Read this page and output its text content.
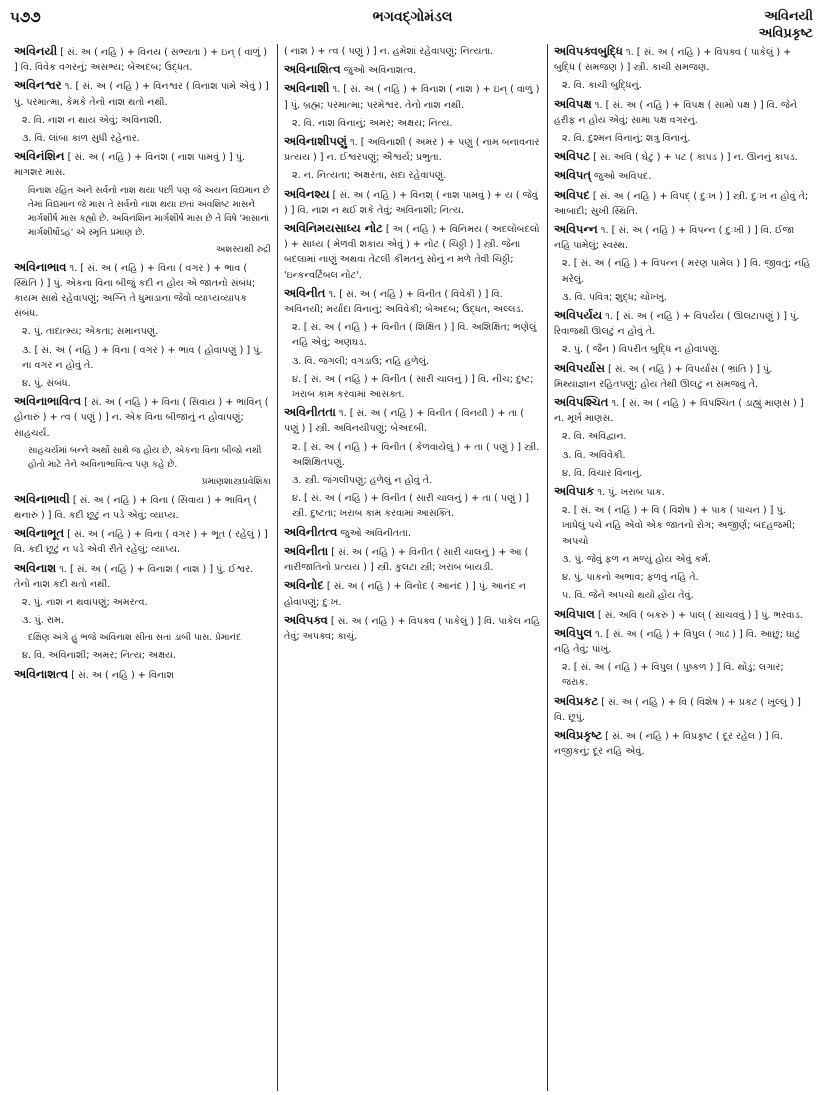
૫૭૭	ભગવદ્ગોમંડલ	અવિનયી
અવિપ્રકૃષ્ટ
અવિનયી [ સં. અ ( નહિ ) + વિનય ( સભ્યતા ) + ઇન્ ( વાળું ) ] વિ. વિવેક વગરનું; અસભ્ય; બેઅદબ; ઉદ્ધત.
અવિનશ્વર ૧. [ સં. અ ( નહિ ) + વિનશ્વર ( વિનાશ પામે એવું ) ] પું. પરમાત્મા, કેમકે તેનો નાશ થતો નથી.
૨. વિ. નાશ ન થાય એવું; અવિનાશી.
૩. વિ. લાંબા કાળ સુધી રહેનાર.
અવિનંશિન [ સં. અ ( નહિ ) + વિનંશ ( નાશ પામવું ) ] પું. માગશર માસ.
વિનાશ રહિત અને સર્વનો નાશ થયા પછી પણ જે અયન વિદ્યમાન છે તેમાં વિદ્યમાન જે માસ તે સર્વનો નાશ થયા છતાં અવશિષ્ટ માસને માર્ગશીર્ષ માસ કહ્યો છે. અવિનંશિન માર્ગશીર્ષ માસ છે તે વિષે 'માસાનાં માર્ગશીર્ષોઽહં' એ સ્મૃતિ પ્રમાણ છે.
અશસ્યથી રુદ્રી
અવિનાભાવ ૧. [ સં. અ ( નહિ ) + વિના ( વગર ) + ભાવ ( સ્થિતિ ) ] પું. એકના વિના બીજું કદી ન હોય એ જાતનો સંબંધ; કાયમ સાથે રહેવાપણું; અગ્નિ તે ધુમાડાના જેવો વ્યાપ્યવ્યાપક સંબંધ.
૨. પું. તાદાત્મ્ય; એકતા; સમાનપણું.
૩. [ સં. અ ( નહિ ) + વિના ( વગર ) + ભાવ ( હોવાપણું ) ] પું. ના વગર ન હોવું તે.
૪. પું. સંબંધ.
અવિનાભાવિત્વ [ સં. અ ( નહિ ) + વિના ( સિવાય ) + ભાવિન્ ( હોનારું ) + ત્વ ( પણું ) ] ન. એક વિના બીજાનું ન હોવાપણું; સાહચર્ય.
સાહચર્યમાં બન્ને અર્થો સાથે જ હોય છે, એકના વિના બીજો નથી હોતો માટે તેને અવિનાભાવિત્વ પણ કહે છે.
પ્રમાણશાસ્ત્રપ્રવેશિકા
અવિનાભાવી [ સં. અ ( નહિ ) + વિના ( સિવાય ) + ભાવિન્ ( થનારું ) ] વિ. કદી છૂટું ન પડે એવું; વ્યાપ્ય.
અવિનાભૂત [ સં. અ ( નહિ ) + વિના ( વગર ) + ભૂત ( રહેલું ) ] વિ. કદી છૂટું ન પડે એવી રીતે રહેલું; વ્યાપ્ય.
અવિનાશ ૧. [ સં. અ ( નહિ ) + વિનાશ ( નાશ ) ] પું. ઈશ્વર. તેનો નાશ કદી થતો નથી.
૨. પું. નાશ ન થવાપણું; અમરત્વ.
૩. પું. રામ.
દક્ષિણ અંગે હું ભજે અવિનાશ સીતા સતાં ડાબી પાસ. પ્રેમાનંદ
૪. વિ. અવિનાશી; અમર; નિત્ય; અક્ષય.
અવિનાશત્વ [ સં. અ ( નહિ ) + વિનાશ
( નાશ ) + ત્વ ( પણું ) ] ન. હમેશાં રહેવાપણું; નિત્યતા.
અવિનાશિત્વ જુઓ અવિનાશત્વ.
અવિનાશી ૧. [ સં. અ ( નહિ ) + વિનાશ ( નાશ ) + ઇન્ ( વાળું ) ] પું. બ્રહ્મ; પરમાત્મા; પરમેશ્વર. તેનો નાશ નથી.
૨. વિ. નાશ વિનાનું; અમર; અક્ષય; નિત્ય.
અવિનાશીપણું ૧. [ અવિનાશી ( અમર ) + પણું ( નામ બનાવનાર પ્રત્યય ) ] ન. ઈશ્વરપણું; ઐશ્વર્ય; પ્રભુતા.
૨. ન. નિત્યતા; અક્ષરતા, સદા રહેવાપણું.
અવિનશ્ય [ સં. અ ( નહિ ) + વિનશ્ ( નાશ પામવું ) + ય ( જેવું ) ] વિ. નાશ ન થઈ શકે તેવું; અવિનાશી; નિત્ય.
અવિનિમયસાધ્ય નોટ [ અ ( નહિ ) + વિનિમય ( અદલોબદલો ) + સાધ્ય ( મેળવી શકાય એવું ) + નોટ ( ચિઠ્ઠી ) ] સ્ત્રી. જેના બદલામાં નાણું અથવા તેટલી કીમતનું સોનું ન મળે તેવી ચિઠ્ઠી; 'ઇન્કન્વર્ટિબલ નોટ'.
અવિનીત ૧. [ સં. અ ( નહિ ) + વિનીત ( વિવેકી ) ] વિ. અવિનયી; મર્યાદા વિનાનું; અવિવેકી; બેઅદબ; ઉદ્ધત, અલ્લડ.
૨. [ સં. અ ( નહિ ) + વિનીત ( શિક્ષિત ) ] વિ. અશિક્ષિત; ભણેલું નહિ એવું; અણઘડ.
૩. વિ. જંગલી; વગડાઉ; નહિ હળેલું.
૪. [ સં. અ ( નહિ ) + વિનીત ( સારી ચાલનું ) ] વિ. નીચ; દુષ્ટ; ખરાબ કામ કરવામાં આસક્ત.
અવિનીતતા ૧. [ સં. અ ( નહિ ) + વિનીત ( વિનયી ) + તા ( પણું ) ] સ્ત્રી. અવિનયીપણું; બેઅદબી.
૨. [ સં. અ ( નહિ ) + વિનીત ( કેળવાયેલું ) + તા ( પણું ) ] સ્ત્રી. અશિક્ષિતપણું.
૩. સ્ત્રી. જંગલીપણું; હળેલું ન હોવું તે.
૪. [ સં. અ ( નહિ ) + વિનીત ( સારી ચાલનું ) + તા ( પણું ) ] સ્ત્રી. દુષ્ટતા; ખરાબ કામ કરવામાં આસક્તિ.
અવિનીતત્વ જુઓ અવિનીતતા.
અવિનીતા [ સં. અ ( નહિ ) + વિનીત ( સારી ચાલનું ) + આ ( નારીજાતિનો પ્રત્યય ) ] સ્ત્રી. કુલટા સ્ત્રી; ખરાબ બાયડી.
અવિનોદ [ સં. અ ( નહિ ) + વિનોદ ( આનંદ ) ] પું. આનંદ ન હોવાપણું; દુઃખ.
અવિપક્વ [ સં. અ ( નહિ ) + વિપક્વ ( પાકેલું ) ] વિ. પાકેલ નહિ તેવું; અપક્વ; કાચું.
અવિપક્વબુદ્ધિ ૧. [ સં. અ ( નહિ ) + વિપક્વ ( પાકેલું ) + બુદ્ધિ ( સમજણ ) ] સ્ત્રી. કાચી સમજણ.
૨. વિ. કાચી બુદ્ધિનું.
અવિપક્ષ ૧. [ સં. અ ( નહિ ) + વિપક્ષ ( સામો પક્ષ ) ] વિ. જેને હરીફ ન હોય એવું; સામા પક્ષ વગરનું.
૨. વિ. દુશ્મન વિનાનું; શત્રુ વિનાનું.
અવિપટ [ સં. અવિ ( ઘેટું ) + પટ ( કાપડ ) ] ન. ઊનનું કાપડ.
અવિપત્ જુઓ અવિપદ.
અવિપદ [ સં. અ ( નહિ ) + વિપદ્ ( દુઃખ ) ] સ્ત્રી. દુઃખ ન હોવું તે; આબાદી; સુખી સ્થિતિ.
અવિપન્ન ૧. [ સં. અ ( નહિ ) + વિપન્ન ( દુઃખી ) ] વિ. ઈજા નહિ પામેલું; સ્વસ્થ.
૨. [ સં. અ ( નહિ ) + વિપન્ન ( મરણ પામેલ ) ] વિ. જીવતું; નહિ મરેલું.
૩. વિ. પવિત્ર; શુદ્ધ; ચોખ્ખું.
અવિપર્યય ૧. [ સં. અ ( નહિ ) + વિપર્યય ( ઊલટાપણું ) ] પું. રિવાજથી ઊલટું ન હોવું તે.
૨. પું. ( જૈન ) વિપરીત બુદ્ધિ ન હોવાપણું.
અવિપર્યાસ [ સં. અ ( નહિ ) + વિપર્યાસ ( ભ્રાંતિ ) ] પું. મિથ્યાજ્ઞાન રહિતપણું; હોય તેથી ઊલટું ન સમજવું તે.
અવિપશ્ચિત ૧. [ સં. અ ( નહિ ) + વિપશ્ચિત ( ડાહ્યું માણસ ) ] ન. મૂર્ખ માણસ.
૨. વિ. અવિદ્વાન.
૩. વિ. અવિવેકી.
૪. વિ. વિચાર વિનાનું.
અવિપાક ૧. પું. ખરાબ પાક.
૨. [ સં. અ ( નહિ ) + વિ ( વિશેષ ) + પાક ( પાચન ) ] પું. ખાધેલું પચે નહિ એવો એક જાતનો રોગ; અજીર્ણ; બદહજમી; અપચો
૩. પું. જેવું ફળ ન મળ્યું હોય એવું કર્મ.
૪. પું. પાકનો અભાવ; ફળવું નહિ તે.
૫. વિ. જેને અપચો થયો હોય તેવું.
અવિપાલ [ સં. અવિ ( બકરું ) + પાલ્ ( સાચવવું ) ] પું. ભરવાડ.
અવિપુલ ૧. [ સં. અ ( નહિ ) + વિપુલ ( ગાઢ ) ] વિ. આછું; ઘાટું નહિ તેવું; પાંખું.
૨. [ સં. અ ( નહિ ) + વિપુલ ( પુષ્કળ ) ] વિ. થોડું; લગાર; જરાક.
અવિપ્રકટ [ સં. અ ( નહિ ) + વિ ( વિશેષ ) + પ્રકટ ( ખુલ્લું ) ] વિ. છૂપું.
અવિપ્રકૃષ્ટ [ સં. અ ( નહિ ) + વિપ્રકૃષ્ટ ( દૂર રહેલ ) ] વિ. નજીકનું; દૂર નહિ એવું.
